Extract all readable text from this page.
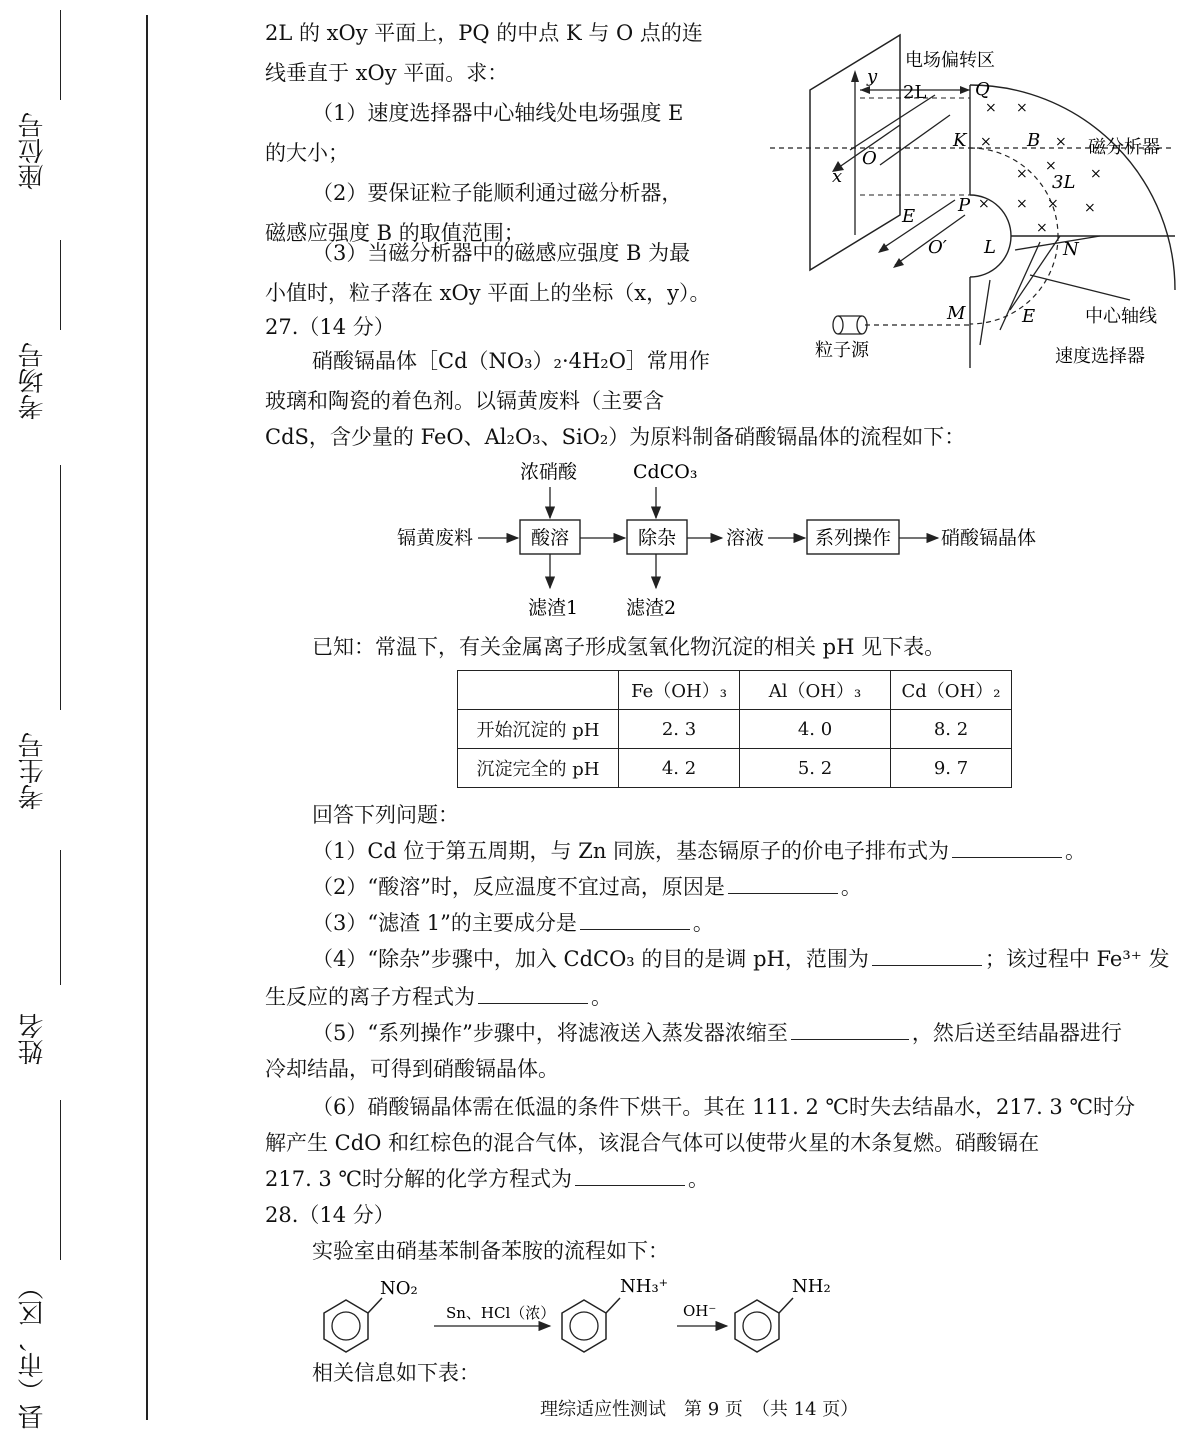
座位号
考场号
考生号
姓名
县（市、区）
2L 的 xOy 平面上，PQ 的中点 K 与 O 点的连
线垂直于 xOy 平面。求：
（1）速度选择器中心轴线处电场强度 E
的大小；
（2）要保证粒子能顺利通过磁分析器，
磁感应强度 B 的取值范围；
（3）当磁分析器中的磁感应强度 B 为最
小值时，粒子落在 xOy 平面上的坐标（x，y）。
y
x
O
2L
E
电场偏转区
Q
K	B	磁分析器
3L
P
O′ L	N
M	E	中心轴线
速度选择器
粒子源
× ×
×	×
× × ×
× × × ×
×
27.（14 分）
硝酸镉晶体［Cd（NO₃）₂·4H₂O］常用作
玻璃和陶瓷的着色剂。以镉黄废料（主要含
CdS，含少量的 FeO、Al₂O₃、SiO₂）为原料制备硝酸镉晶体的流程如下：
浓硝酸	CdCO₃
镉黄废料	酸溶	除杂	溶液	系列操作	硝酸镉晶体
滤渣1	滤渣2
已知：常温下，有关金属离子形成氢氧化物沉淀的相关 pH 见下表。
	Fe（OH）₃	Al（OH）₃	Cd（OH）₂
开始沉淀的 pH	2. 3	4. 0	8. 2
沉淀完全的 pH	4. 2	5. 2	9. 7
回答下列问题：
（1）Cd 位于第五周期，与 Zn 同族，基态镉原子的价电子排布式为	。
（2）“酸溶”时，反应温度不宜过高，原因是	。
（3）“滤渣 1”的主要成分是	。
（4）“除杂”步骤中，加入 CdCO₃ 的目的是调 pH，范围为	；该过程中 Fe³⁺ 发
生反应的离子方程式为	。
（5）“系列操作”步骤中，将滤液送入蒸发器浓缩至	，然后送至结晶器进行
冷却结晶，可得到硝酸镉晶体。
（6）硝酸镉晶体需在低温的条件下烘干。其在 111. 2 ℃时失去结晶水，217. 3 ℃时分
解产生 CdO 和红棕色的混合气体，该混合气体可以使带火星的木条复燃。硝酸镉在
217. 3 ℃时分解的化学方程式为	。
28.（14 分）
实验室由硝基苯制备苯胺的流程如下：
NO₂
Sn、HCl（浓）
NH₃⁺
OH⁻
NH₂
相关信息如下表：
理综适应性测试　第 9 页　（共 14 页）
